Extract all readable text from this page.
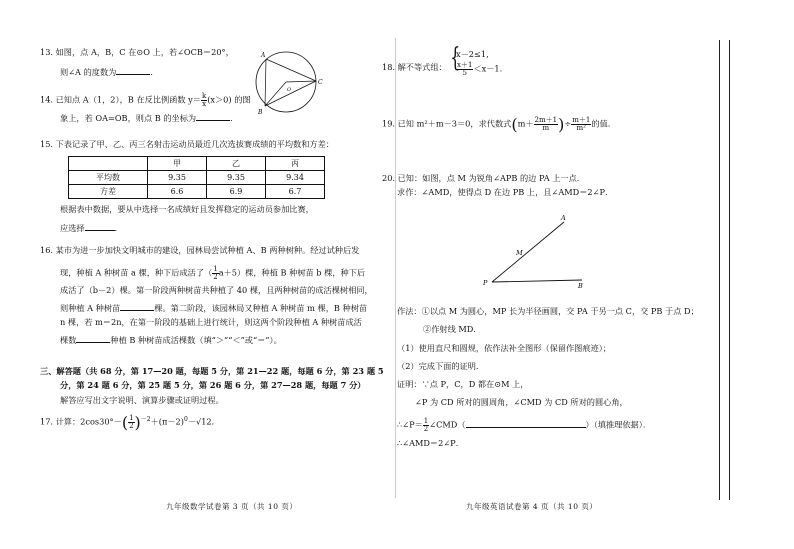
13. 如图，点 A，B，C 在⊙O 上，若∠OCB＝20°，
则∠A 的度数为	．
A
B
C
O
14. 已知点 A（1，2），B 在反比例函数 $y= \frac{k}{x} (x>0)$ 的图
象上，若 OA=OB，则点 B 的坐标为	．
15. 下表记录了甲、乙、丙三名射击运动员最近几次选拔赛成绩的平均数和方差：
	甲	乙	丙
平均数	9.35	9.35	9.34
方差	6.6	6.9	6.7
根据表中数据，要从中选择一名成绩好且发挥稳定的运动员参加比赛，
应选择	．
16. 某市为进一步加快文明城市的建设，园林局尝试种植 A、B 两种树种。经过试种后发
现，种植 A 种树苗 a 棵，种下后成活了（ $\frac{1}{2} a+5$）棵，种植 B 种树苗 b 棵，种下后
成活了（b－2）棵。第一阶段两种树苗共种植了 40 棵，且两种树苗的成活棵树相同，
则种植 A 种树苗	棵。第二阶段，该园林局又种植 A 种树苗 m 棵，B 种树苗
n 棵，若 m＝2n，在第一阶段的基础上进行统计，则这两个阶段种植 A 种树苗成活
棵数	种植 B 种树苗成活棵数（填“＞”“＜”或“＝”）。
三、解答题（共 68 分，第 17—20 题，每题 5 分，第 21—22 题，每题 6 分，第 23 题 5
分，第 24 题 6 分，第 25 题 5 分，第 26 题 6 分，第 27—28 题，每题 7 分）
解答应写出文字说明、演算步骤或证明过程。
17. 计算：$2\cos 30^\circ-( \frac{1}{2} )^{-2}+(\pi-2)^0-√12$．
九年级数学试卷第 3 页（共 10 页）
18. 解不等式组： {
x－2≤1,
$\frac{x+1}{5} <x-1$.
19. 已知 m²＋m－3＝0，求代数式($m+ \frac{2m+1}{m}$ )÷ $\frac{m+1}{\text{m²}}$ 的值.
20. 已知：如图，点 M 为锐角∠APB 的边 PA 上一点．
求作：∠AMD，使得点 D 在边 PB 上，且∠AMD＝2∠P．
A
M
P	B
作法：①以点 M 为圆心，MP 长为半径画圆，交 PA 于另一点 C，交 PB 于点 D；
②作射线 MD．
（1）使用直尺和圆规，依作法补全图形（保留作图痕迹）；
（2）完成下面的证明．
证明：∵点 P，C，D 都在⊙M 上，
∠P 为 CD 所对的圆周角，∠CMD 为 CD 所对的圆心角，
∴∠P＝ $\frac{1}{2}$ ∠CMD（	）（填推理依据）．
∴∠AMD＝2∠P．
九年级英语试卷第 4 页（共 10 页）
